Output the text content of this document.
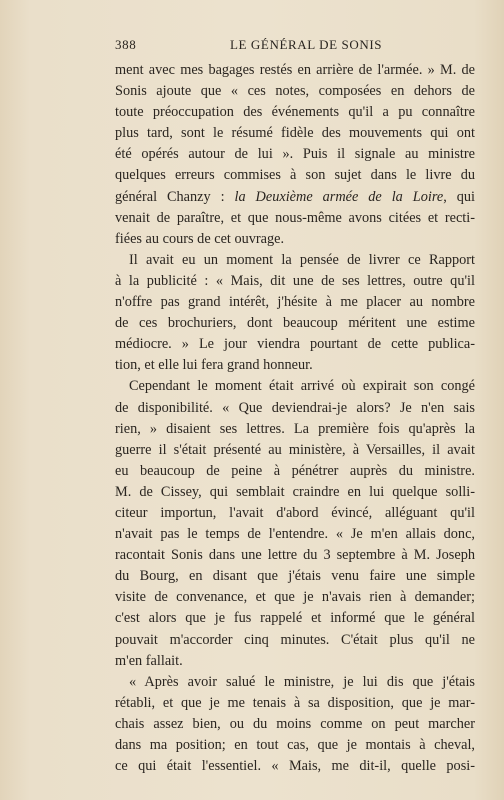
388	LE GÉNÉRAL DE SONIS
ment avec mes bagages restés en arrière de l'armée. » M. de
Sonis ajoute que « ces notes, composées en dehors de
toute préoccupation des événements qu'il a pu connaître
plus tard, sont le résumé fidèle des mouvements qui ont
été opérés autour de lui ». Puis il signale au ministre
quelques erreurs commises à son sujet dans le livre du
général Chanzy : la Deuxième armée de la Loire, qui
venait de paraître, et que nous-même avons citées et recti-
fiées au cours de cet ouvrage.
Il avait eu un moment la pensée de livrer ce Rapport
à la publicité : « Mais, dit une de ses lettres, outre qu'il
n'offre pas grand intérêt, j'hésite à me placer au nombre
de ces brochuriers, dont beaucoup méritent une estime
médiocre. » Le jour viendra pourtant de cette publica-
tion, et elle lui fera grand honneur.
Cependant le moment était arrivé où expirait son congé
de disponibilité. « Que deviendrai-je alors? Je n'en sais
rien, » disaient ses lettres. La première fois qu'après la
guerre il s'était présenté au ministère, à Versailles, il avait
eu beaucoup de peine à pénétrer auprès du ministre.
M. de Cissey, qui semblait craindre en lui quelque solli-
citeur importun, l'avait d'abord évincé, alléguant qu'il
n'avait pas le temps de l'entendre. « Je m'en allais donc,
racontait Sonis dans une lettre du 3 septembre à M. Joseph
du Bourg, en disant que j'étais venu faire une simple
visite de convenance, et que je n'avais rien à demander;
c'est alors que je fus rappelé et informé que le général
pouvait m'accorder cinq minutes. C'était plus qu'il ne
m'en fallait.
« Après avoir salué le ministre, je lui dis que j'étais
rétabli, et que je me tenais à sa disposition, que je mar-
chais assez bien, ou du moins comme on peut marcher
dans ma position; en tout cas, que je montais à cheval,
ce qui était l'essentiel. « Mais, me dit-il, quelle posi-
